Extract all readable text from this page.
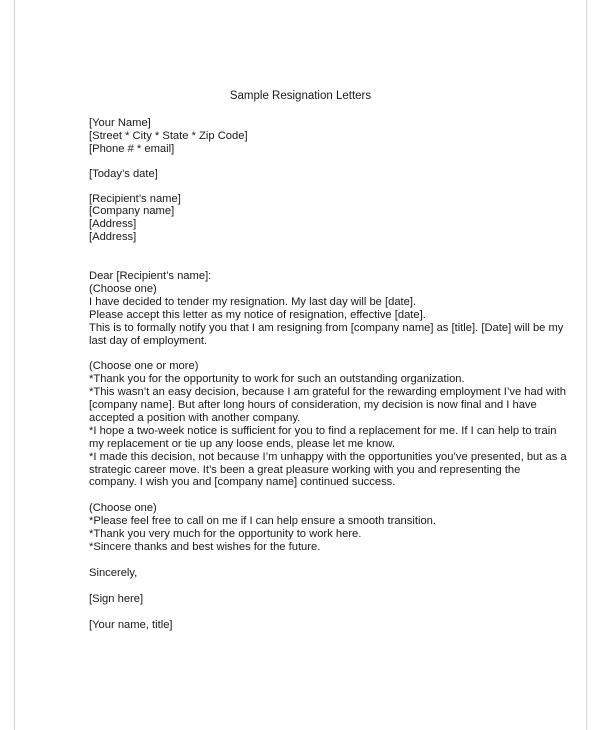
Sample Resignation Letters
[Your Name]
[Street * City * State * Zip Code]
[Phone # * email]
[Today’s date]
[Recipient’s name]
[Company name]
[Address]
[Address]
Dear [Recipient’s name]:
(Choose one)
I have decided to tender my resignation. My last day will be [date].
Please accept this letter as my notice of resignation, effective [date].
This is to formally notify you that I am resigning from [company name] as [title]. [Date] will be my
last day of employment.
(Choose one or more)
*Thank you for the opportunity to work for such an outstanding organization.
*This wasn’t an easy decision, because I am grateful for the rewarding employment I’ve had with
[company name]. But after long hours of consideration, my decision is now final and I have
accepted a position with another company.
*I hope a two-week notice is sufficient for you to find a replacement for me. If I can help to train
my replacement or tie up any loose ends, please let me know.
*I made this decision, not because I’m unhappy with the opportunities you’ve presented, but as a
strategic career move. It’s been a great pleasure working with you and representing the
company. I wish you and [company name] continued success.
(Choose one)
*Please feel free to call on me if I can help ensure a smooth transition.
*Thank you very much for the opportunity to work here.
*Sincere thanks and best wishes for the future.
Sincerely,
[Sign here]
[Your name, title]
